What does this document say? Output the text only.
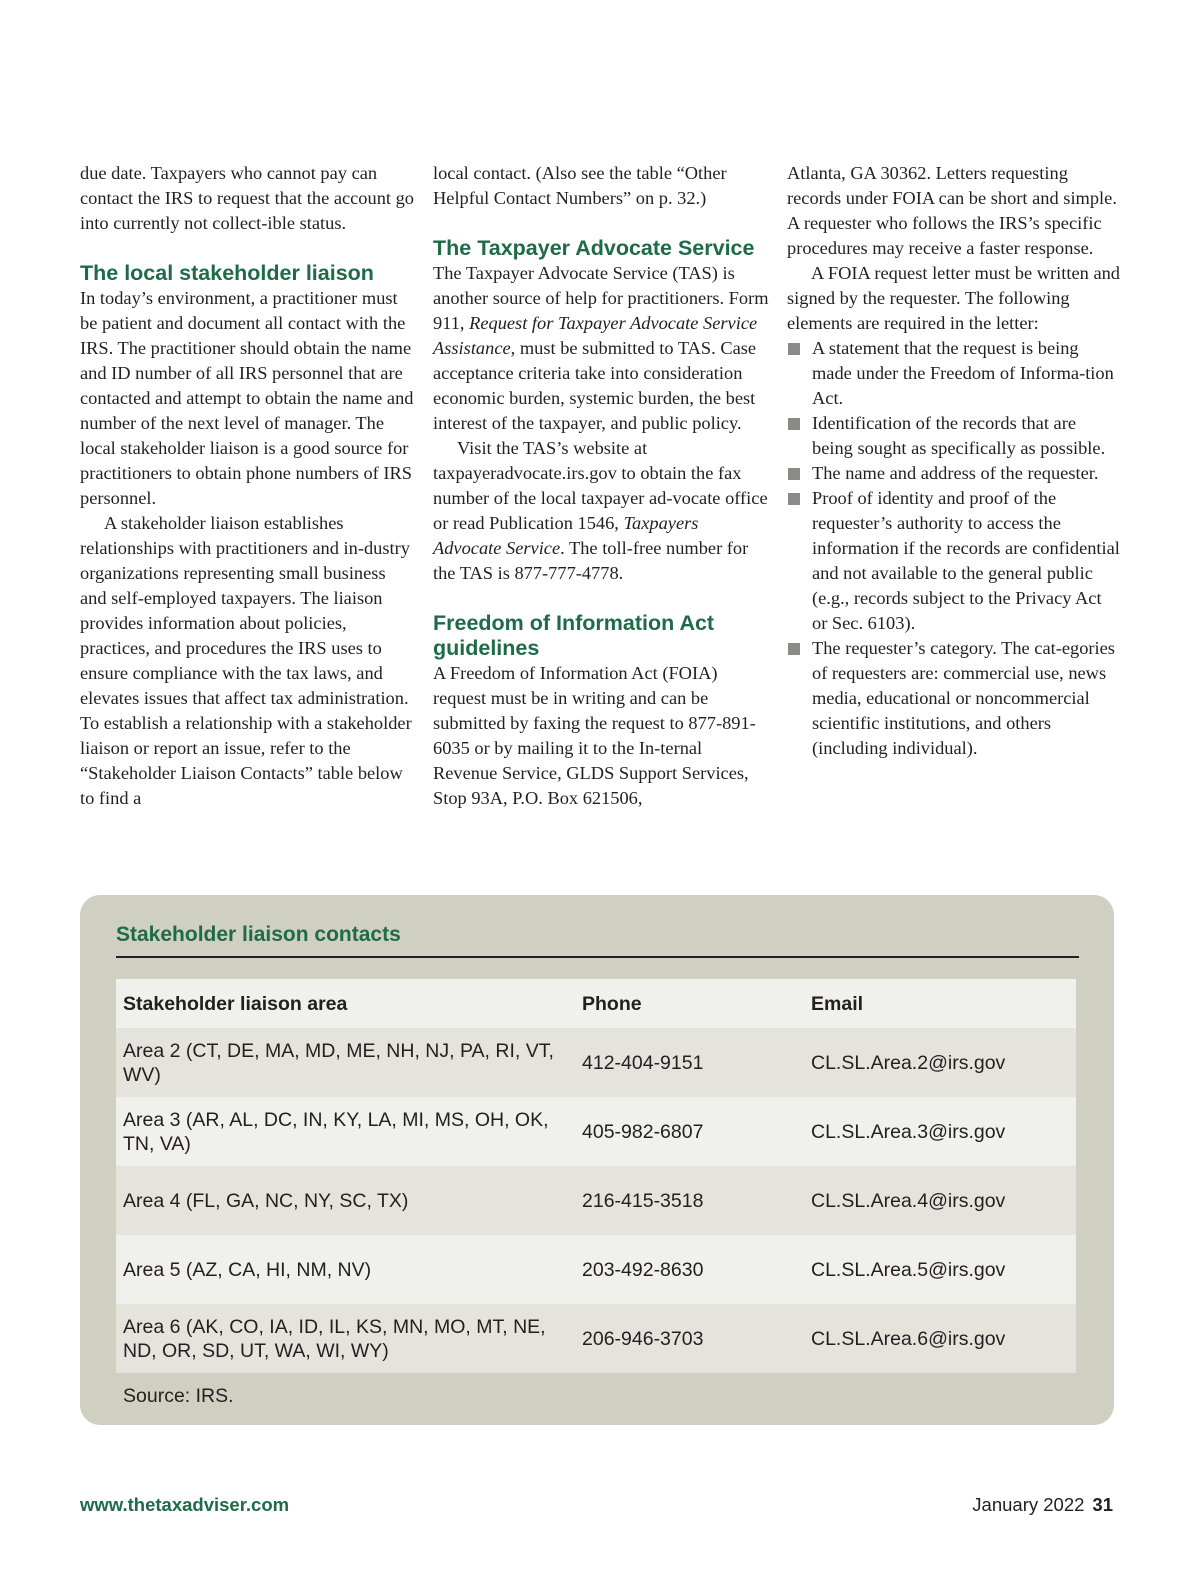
due date. Taxpayers who cannot pay can contact the IRS to request that the account go into currently not collect-ible status.

The local stakeholder liaison

In today’s environment, a practitioner must be patient and document all contact with the IRS. The practitioner should obtain the name and ID number of all IRS personnel that are contacted and attempt to obtain the name and number of the next level of manager. The local stakeholder liaison is a good source for practitioners to obtain phone numbers of IRS personnel.

A stakeholder liaison establishes relationships with practitioners and in-dustry organizations representing small business and self-employed taxpayers. The liaison provides information about policies, practices, and procedures the IRS uses to ensure compliance with the tax laws, and elevates issues that affect tax administration. To establish a relationship with a stakeholder liaison or report an issue, refer to the “Stakeholder Liaison Contacts” table below to find a

local contact. (Also see the table “Other Helpful Contact Numbers” on p. 32.)

The Taxpayer Advocate Service

The Taxpayer Advocate Service (TAS) is another source of help for practitioners. Form 911, Request for Taxpayer Advocate Service Assistance, must be submitted to TAS. Case acceptance criteria take into consideration economic burden, systemic burden, the best interest of the taxpayer, and public policy.

Visit the TAS’s website at taxpayeradvocate.irs.gov to obtain the fax number of the local taxpayer ad-vocate office or read Publication 1546, Taxpayers Advocate Service. The toll-free number for the TAS is 877-777-4778.

Freedom of Information Act guidelines

A Freedom of Information Act (FOIA) request must be in writing and can be submitted by faxing the request to 877-891-6035 or by mailing it to the In-ternal Revenue Service, GLDS Support Services, Stop 93A, P.O. Box 621506,

Atlanta, GA 30362. Letters requesting records under FOIA can be short and simple. A requester who follows the IRS’s specific procedures may receive a faster response.

A FOIA request letter must be written and signed by the requester. The following elements are required in the letter:

A statement that the request is being made under the Freedom of Informa-tion Act.
Identification of the records that are being sought as specifically as possible.
The name and address of the requester.
Proof of identity and proof of the requester’s authority to access the information if the records are confidential and not available to the general public (e.g., records subject to the Privacy Act or Sec. 6103).
The requester’s category. The cat-egories of requesters are: commercial use, news media, educational or noncommercial scientific institutions, and others (including individual).
Stakeholder liaison contacts
Stakeholder liaison area	Phone	Email
Area 2 (CT, DE, MA, MD, ME, NH, NJ, PA, RI, VT, WV)	412-404-9151	CL.SL.Area.2@irs.gov
Area 3 (AR, AL, DC, IN, KY, LA, MI, MS, OH, OK, TN, VA)	405-982-6807	CL.SL.Area.3@irs.gov
Area 4 (FL, GA, NC, NY, SC, TX)	216-415-3518	CL.SL.Area.4@irs.gov
Area 5 (AZ, CA, HI, NM, NV)	203-492-8630	CL.SL.Area.5@irs.gov
Area 6 (AK, CO, IA, ID, IL, KS, MN, MO, MT, NE, ND, OR, SD, UT, WA, WI, WY)	206-946-3703	CL.SL.Area.6@irs.gov
Source: IRS.
www.thetaxadviser.com	January 2022 31
